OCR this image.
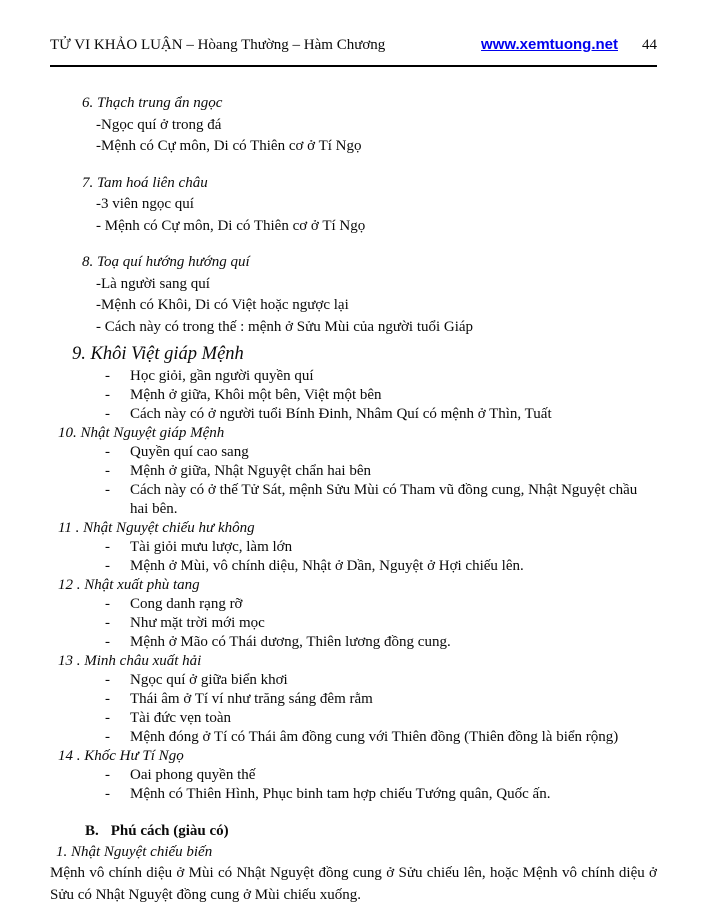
TỬ VI KHẢO LUẬN – Hòang Thường – Hàm Chương	www.xemtuong.net 44
6. Thạch trung ẩn ngọc
-Ngọc quí ở trong đá
-Mệnh có Cự môn, Di có Thiên cơ ở Tí Ngọ
7. Tam hoá liên châu
-3 viên ngọc quí
- Mệnh có Cự môn, Di có Thiên cơ ở Tí Ngọ
8. Toạ quí hướng hướng quí
-Là người sang quí
-Mệnh có Khôi, Di có Việt hoặc ngược lại
- Cách này có trong thế : mệnh ở Sửu Mùi của người tuổi Giáp
9. Khôi Việt giáp Mệnh
-	Học giỏi, gần người quyền quí
-	Mệnh ở giữa, Khôi một bên, Việt một bên
-	Cách này có ở người tuổi Bính Đinh, Nhâm Quí có mệnh ở Thìn, Tuất
10. Nhật Nguyệt giáp Mệnh
-	Quyền quí cao sang
-	Mệnh ở giữa, Nhật Nguyệt chẩn hai bên
-	Cách này có ở thế Tử Sát, mệnh Sửu Mùi có Tham vũ đồng cung, Nhật Nguyệt chầu hai bên.
11 . Nhật Nguyệt chiếu hư không
-	Tài giỏi mưu lược, làm lớn
-	Mệnh ở Mùi, vô chính diệu, Nhật ở Dần, Nguyệt ở Hợi chiếu lên.
12 . Nhật xuất phù tang
-	Cong danh rạng rỡ
-	Như mặt trời mới mọc
-	Mệnh ở Mão có Thái dương, Thiên lương đồng cung.
13 . Minh châu xuất hải
-	Ngọc quí ở giữa biển khơi
-	Thái âm ở Tí ví như trăng sáng đêm rằm
-	Tài đức vẹn toàn
-	Mệnh đóng ở Tí có Thái âm đồng cung với Thiên đồng (Thiên đồng là biển rộng)
14 . Khốc Hư Tí Ngọ
-	Oai phong quyền thế
-	Mệnh có Thiên Hình, Phục binh tam hợp chiếu Tướng quân, Quốc ấn.
B. Phú cách (giàu có)
1. Nhật Nguyệt chiếu biến
Mệnh vô chính diệu ở Mùi có Nhật Nguyệt đồng cung ở Sửu chiếu lên, hoặc Mệnh vô chính diệu ở Sửu có Nhật Nguyệt đồng cung ở Mùi chiếu xuống.
